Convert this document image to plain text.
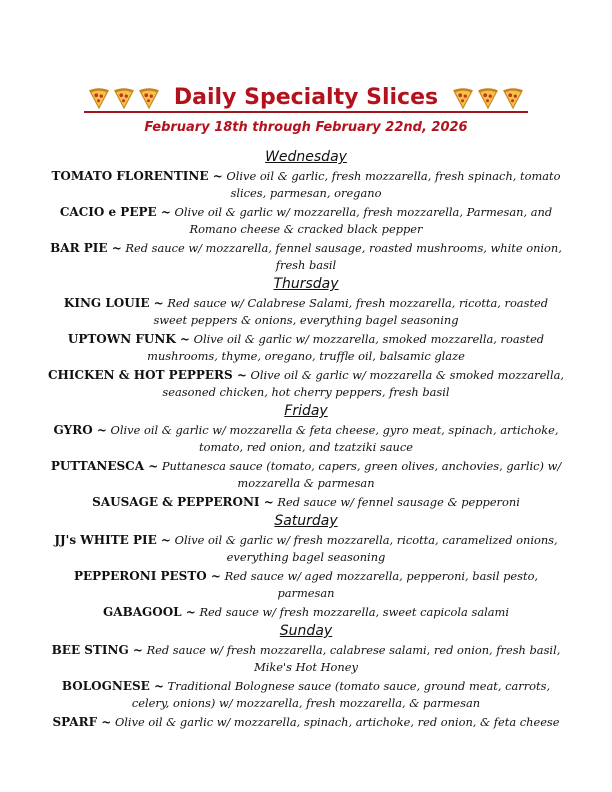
Daily Specialty Slices
February 18th through February 22nd, 2026
Wednesday
TOMATO FLORENTINE ~ Olive oil & garlic, fresh mozzarella, fresh spinach, tomato slices, parmesan, oregano
CACIO e PEPE ~ Olive oil & garlic w/ mozzarella, fresh mozzarella, Parmesan, and Romano cheese & cracked black pepper
BAR PIE ~ Red sauce w/ mozzarella, fennel sausage, roasted mushrooms, white onion, fresh basil
Thursday
KING LOUIE ~ Red sauce w/ Calabrese Salami, fresh mozzarella, ricotta, roasted sweet peppers & onions, everything bagel seasoning
UPTOWN FUNK ~ Olive oil & garlic w/ mozzarella, smoked mozzarella, roasted mushrooms, thyme, oregano, truffle oil, balsamic glaze
CHICKEN & HOT PEPPERS ~ Olive oil & garlic w/ mozzarella & smoked mozzarella, seasoned chicken, hot cherry peppers, fresh basil
Friday
GYRO ~ Olive oil & garlic w/ mozzarella & feta cheese, gyro meat, spinach, artichoke, tomato, red onion, and tzatziki sauce
PUTTANESCA ~ Puttanesca sauce (tomato, capers, green olives, anchovies, garlic) w/ mozzarella & parmesan
SAUSAGE & PEPPERONI ~ Red sauce w/ fennel sausage & pepperoni
Saturday
JJ's WHITE PIE ~ Olive oil & garlic w/ fresh mozzarella, ricotta, caramelized onions, everything bagel seasoning
PEPPERONI PESTO ~ Red sauce w/ aged mozzarella, pepperoni, basil pesto, parmesan
GABAGOOL ~ Red sauce w/ fresh mozzarella, sweet capicola salami
Sunday
BEE STING ~ Red sauce w/ fresh mozzarella, calabrese salami, red onion, fresh basil, Mike's Hot Honey
BOLOGNESE ~ Traditional Bolognese sauce (tomato sauce, ground meat, carrots, celery, onions) w/ mozzarella, fresh mozzarella, & parmesan
SPARF ~ Olive oil & garlic w/ mozzarella, spinach, artichoke, red onion, & feta cheese
